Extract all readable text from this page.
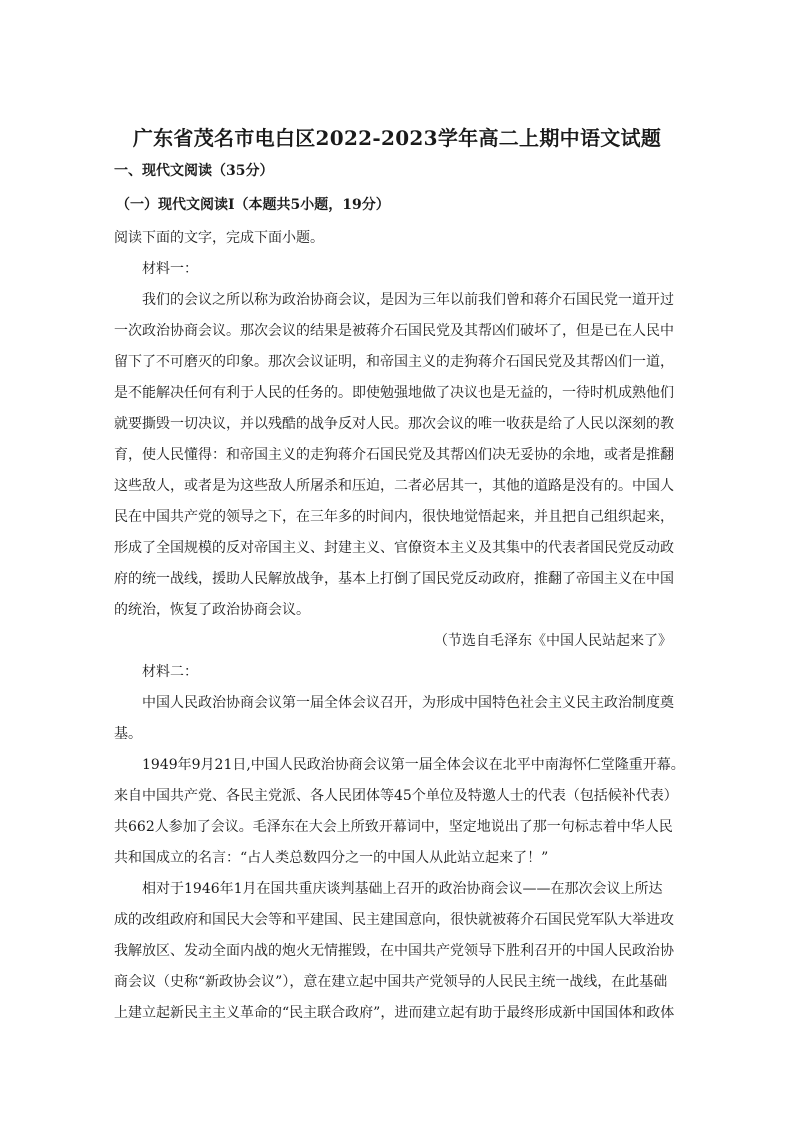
广东省茂名市电白区2022-2023学年高二上期中语文试题
一、现代文阅读（35分）
（一）现代文阅读Ⅰ（本题共5小题，19分）
阅读下面的文字，完成下面小题。
材料一：
我们的会议之所以称为政治协商会议，是因为三年以前我们曾和蒋介石国民党一道开过
一次政治协商会议。那次会议的结果是被蒋介石国民党及其帮凶们破坏了，但是已在人民中
留下了不可磨灭的印象。那次会议证明，和帝国主义的走狗蒋介石国民党及其帮凶们一道，
是不能解决任何有利于人民的任务的。即使勉强地做了决议也是无益的，一待时机成熟他们
就要撕毁一切决议，并以残酷的战争反对人民。那次会议的唯一收获是给了人民以深刻的教
育，使人民懂得：和帝国主义的走狗蒋介石国民党及其帮凶们决无妥协的余地，或者是推翻
这些敌人，或者是为这些敌人所屠杀和压迫，二者必居其一，其他的道路是没有的。中国人
民在中国共产党的领导之下，在三年多的时间内，很快地觉悟起来，并且把自己组织起来，
形成了全国规模的反对帝国主义、封建主义、官僚资本主义及其集中的代表者国民党反动政
府的统一战线，援助人民解放战争，基本上打倒了国民党反动政府，推翻了帝国主义在中国
的统治，恢复了政治协商会议。
（节选自毛泽东《中国人民站起来了》
材料二：
中国人民政治协商会议第一届全体会议召开，为形成中国特色社会主义民主政治制度奠
基。
1949年9月21日,中国人民政治协商会议第一届全体会议在北平中南海怀仁堂隆重开幕。
来自中国共产党、各民主党派、各人民团体等45个单位及特邀人士的代表（包括候补代表）
共662人参加了会议。毛泽东在大会上所致开幕词中，坚定地说出了那一句标志着中华人民
共和国成立的名言：“占人类总数四分之一的中国人从此站立起来了！”
相对于1946年1月在国共重庆谈判基础上召开的政治协商会议——在那次会议上所达
成的改组政府和国民大会等和平建国、民主建国意向，很快就被蒋介石国民党军队大举进攻
我解放区、发动全面内战的炮火无情摧毁，在中国共产党领导下胜利召开的中国人民政治协
商会议（史称“新政协会议”），意在建立起中国共产党领导的人民民主统一战线，在此基础
上建立起新民主主义革命的“民主联合政府”，进而建立起有助于最终形成新中国国体和政体
